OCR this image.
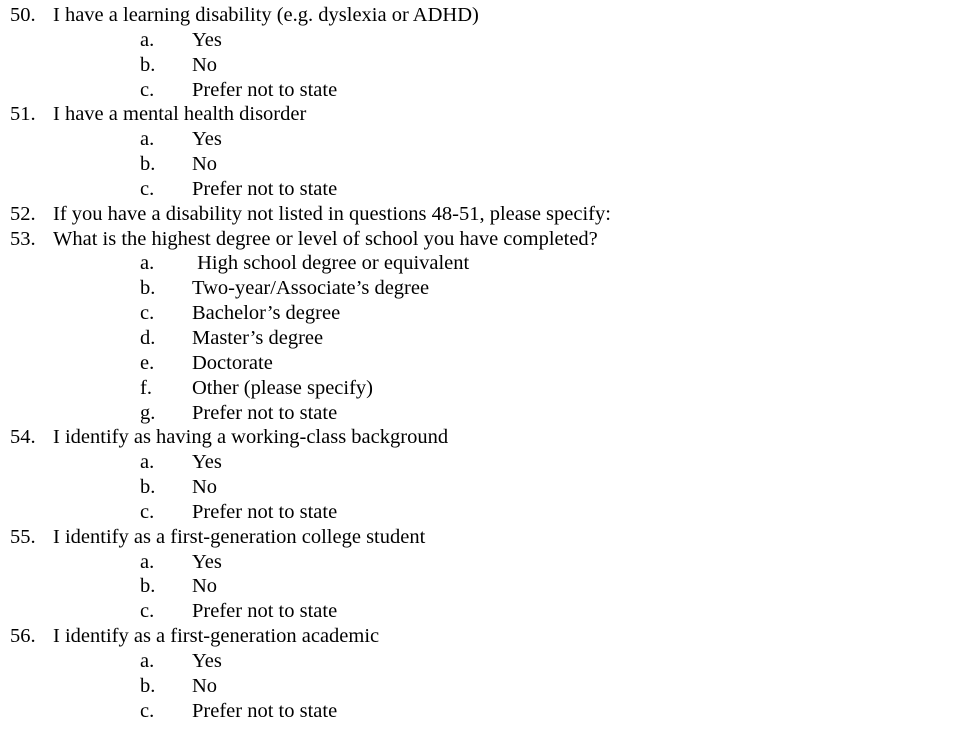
50. I have a learning disability (e.g. dyslexia or ADHD)
a. Yes
b. No
c. Prefer not to state
51. I have a mental health disorder
a. Yes
b. No
c. Prefer not to state
52. If you have a disability not listed in questions 48-51, please specify:
53. What is the highest degree or level of school you have completed?
a. High school degree or equivalent
b. Two-year/Associate’s degree
c. Bachelor’s degree
d. Master’s degree
e. Doctorate
f. Other (please specify)
g. Prefer not to state
54. I identify as having a working-class background
a. Yes
b. No
c. Prefer not to state
55. I identify as a first-generation college student
a. Yes
b. No
c. Prefer not to state
56. I identify as a first-generation academic
a. Yes
b. No
c. Prefer not to state
